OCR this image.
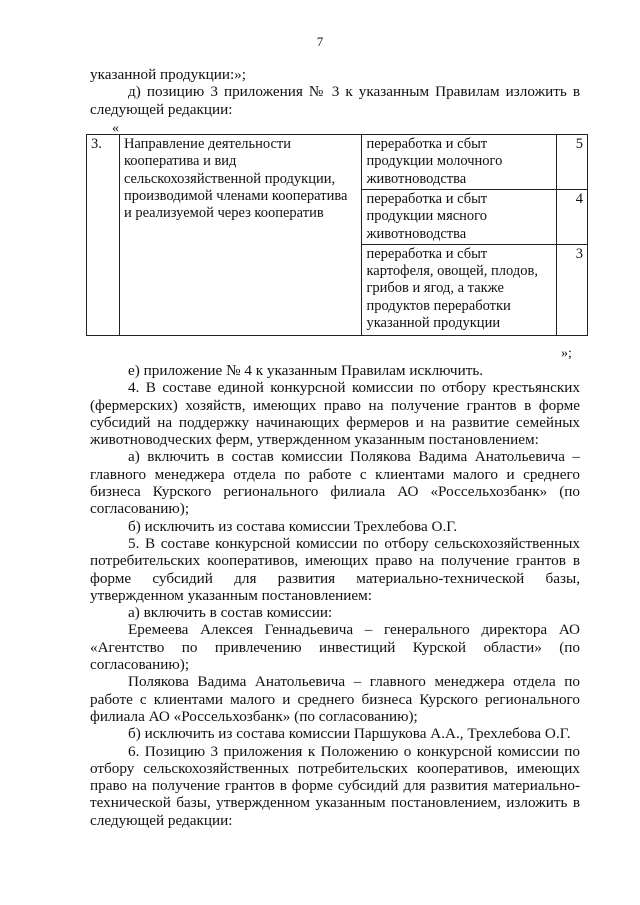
7

указанной продукции:»;

д) позицию 3 приложения № 3 к указанным Правилам изложить в следующей редакции:

«
3.	Направление деятельности кооператива и вид сельскохозяйственной продукции, производимой членами кооператива и реализуемой через кооператив	переработка и сбыт продукции молочного животноводства	5
		переработка и сбыт продукции мясного животноводства	4
		переработка и сбыт картофеля, овощей, плодов, грибов и ягод, а также продуктов переработки указанной продукции	3
»;

е) приложение № 4 к указанным Правилам исключить.

4. В составе единой конкурсной комиссии по отбору крестьянских (фермерских) хозяйств, имеющих право на получение грантов в форме субсидий на поддержку начинающих фермеров и на развитие семейных животноводческих ферм, утвержденном указанным постановлением:

а) включить в состав комиссии Полякова Вадима Анатольевича – главного менеджера отдела по работе с клиентами малого и среднего бизнеса Курского регионального филиала АО «Россельхозбанк» (по согласованию);

б) исключить из состава комиссии Трехлебова О.Г.

5. В составе конкурсной комиссии по отбору сельскохозяйственных потребительских кооперативов, имеющих право на получение грантов в форме субсидий для развития материально-технической базы, утвержденном указанным постановлением:

а) включить в состав комиссии:

Еремеева Алексея Геннадьевича – генерального директора АО «Агентство по привлечению инвестиций Курской области» (по согласованию);

Полякова Вадима Анатольевича – главного менеджера отдела по работе с клиентами малого и среднего бизнеса Курского регионального филиала АО «Россельхозбанк» (по согласованию);

б) исключить из состава комиссии Паршукова А.А., Трехлебова О.Г.

6. Позицию 3 приложения к Положению о конкурсной комиссии по отбору сельскохозяйственных потребительских кооперативов, имеющих право на получение грантов в форме субсидий для развития материально-технической базы, утвержденном указанным постановлением, изложить в следующей редакции:
